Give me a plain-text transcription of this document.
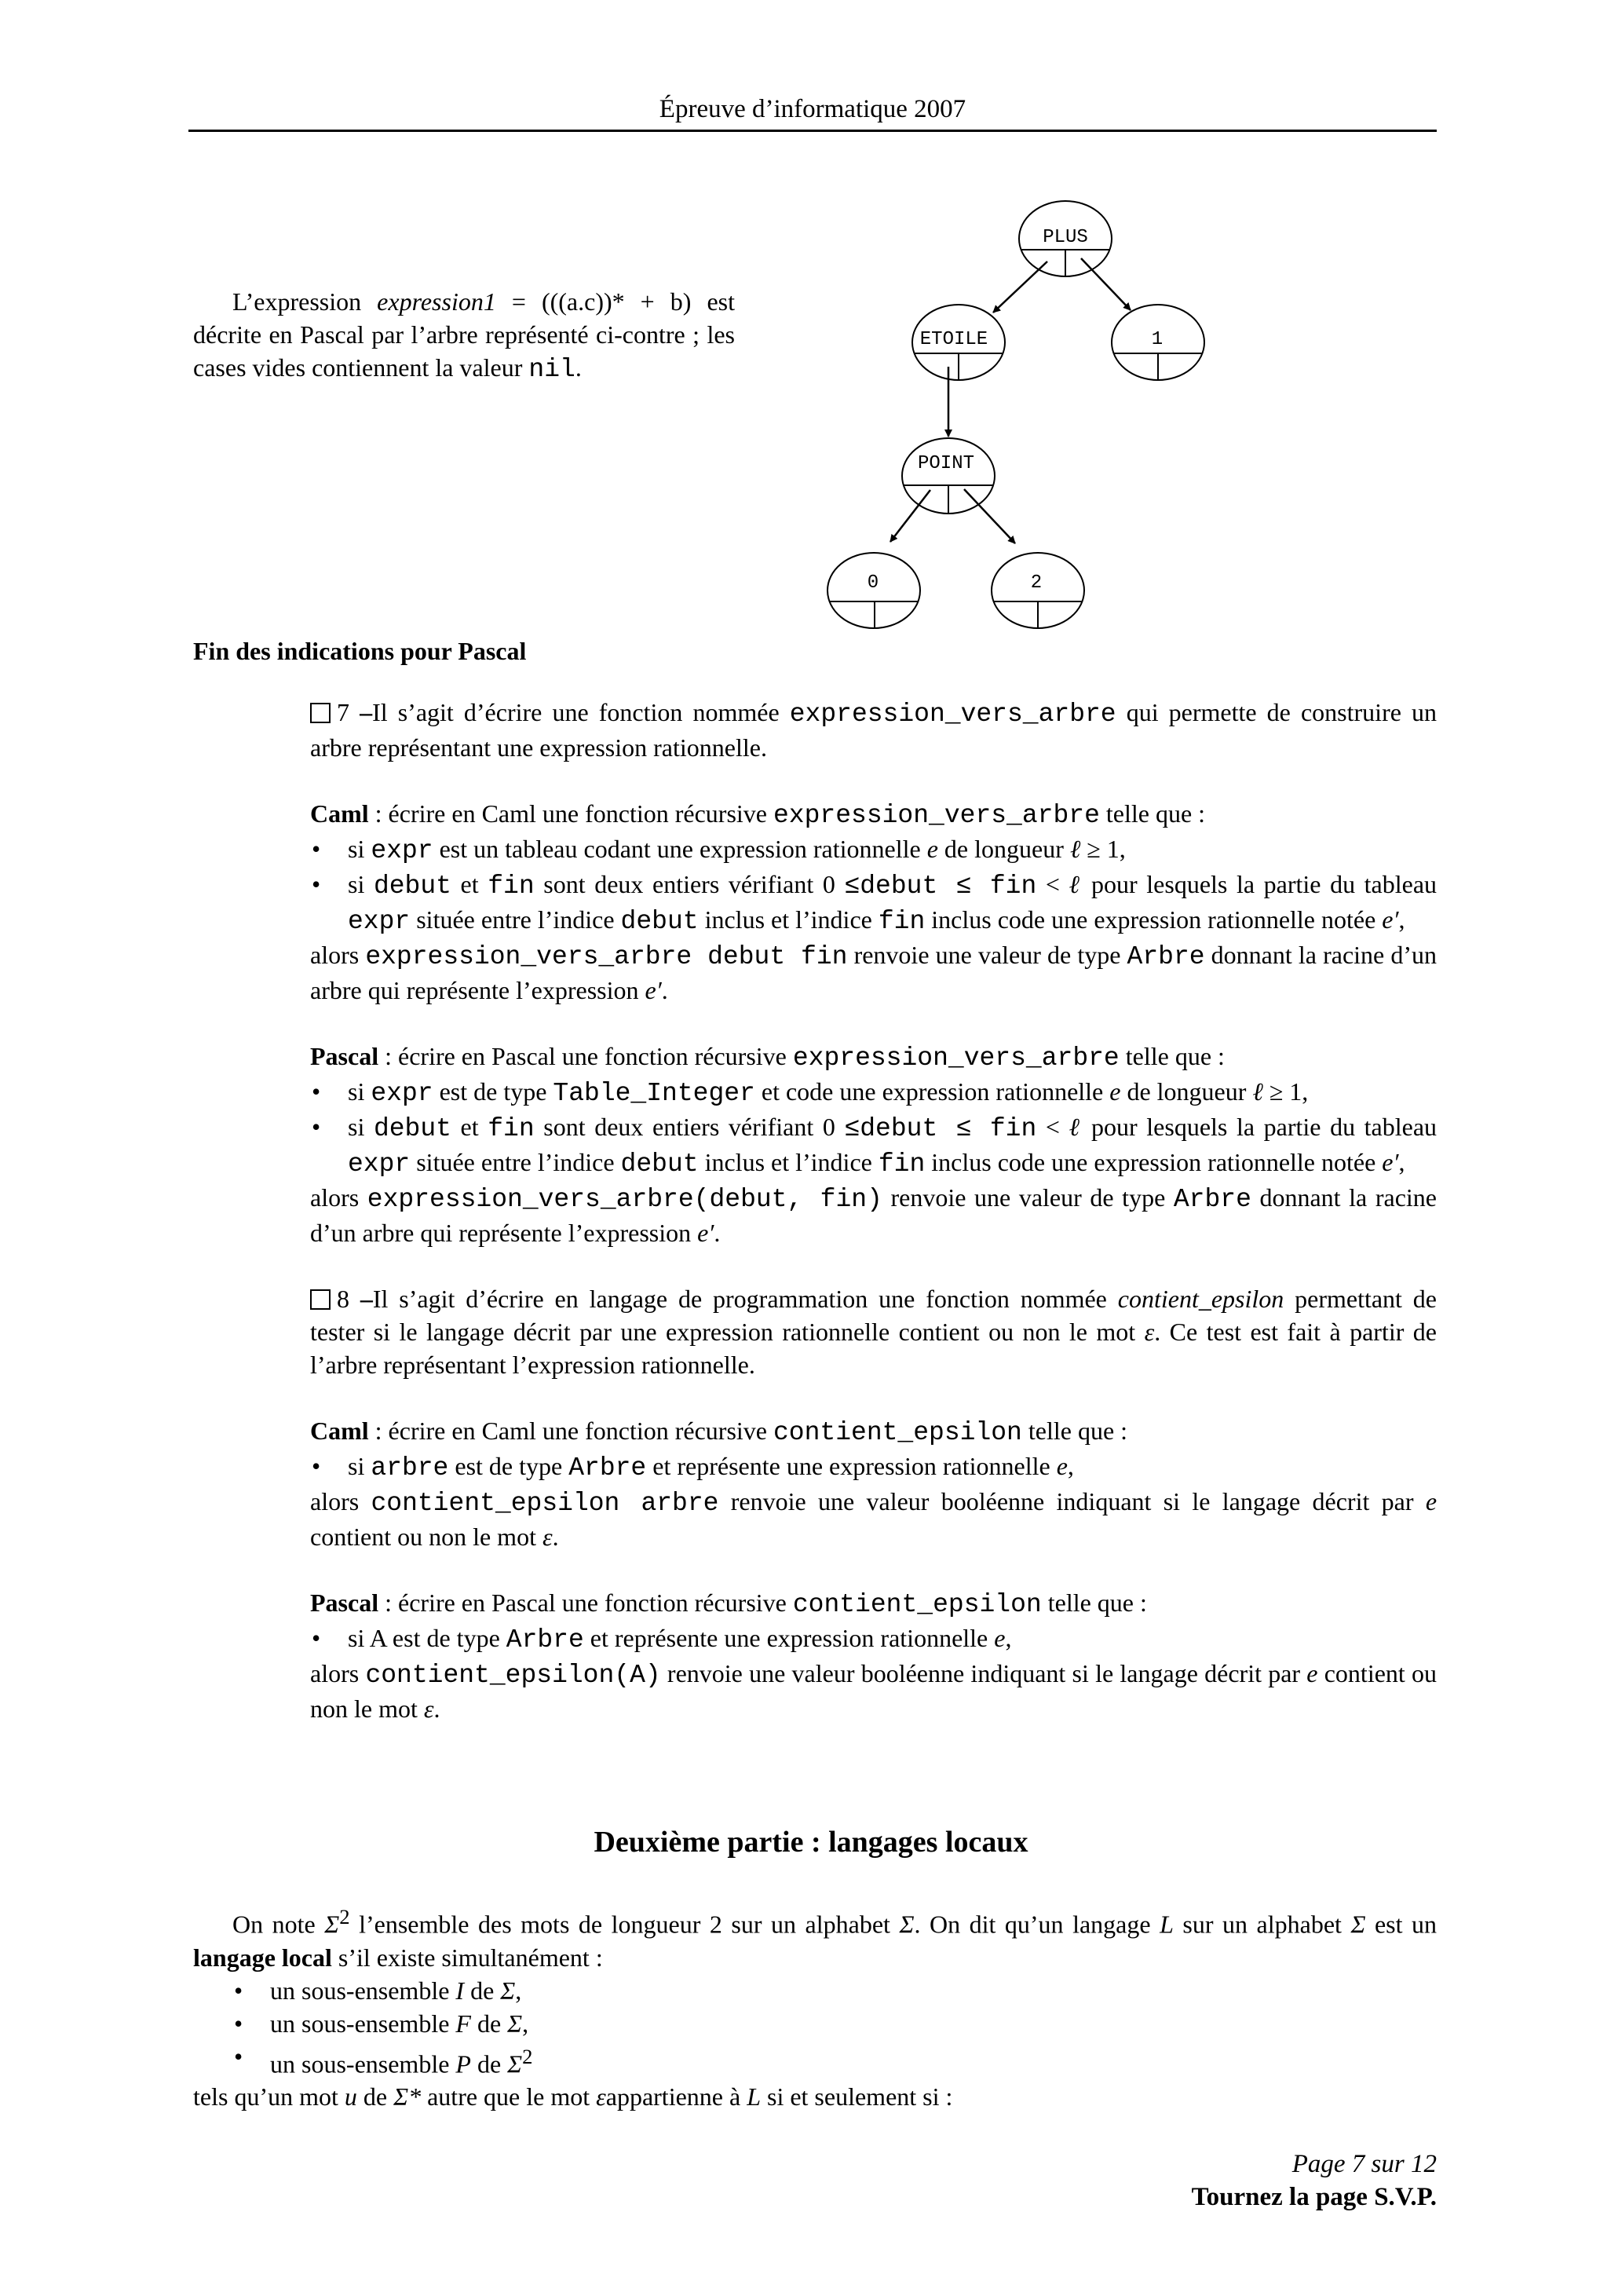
Épreuve d’informatique 2007
L’expression expression1 = (((a.c))* + b) est décrite en Pascal par l’arbre représenté ci-contre ; les cases vides contiennent la valeur nil.
PLUS
ETOILE	1
POINT
0	2
Fin des indications pour Pascal

7 –Il s’agit d’écrire une fonction nommée expression_vers_arbre qui permette de construire un arbre représentant une expression rationnelle.

Caml : écrire en Caml une fonction récursive expression_vers_arbre telle que :

• si expr est un tableau codant une expression rationnelle e de longueur ℓ ≥ 1,
• si debut et fin sont deux entiers vérifiant 0 ≤debut ≤ fin < ℓ pour lesquels la partie du tableau expr située entre l’indice debut inclus et l’indice fin inclus code une expression rationnelle notée e′,

alors expression_vers_arbre debut fin renvoie une valeur de type Arbre donnant la racine d’un arbre qui représente l’expression e′.

Pascal : écrire en Pascal une fonction récursive expression_vers_arbre telle que :

• si expr est de type Table_Integer et code une expression rationnelle e de longueur ℓ ≥ 1,
• si debut et fin sont deux entiers vérifiant 0 ≤debut ≤ fin < ℓ pour lesquels la partie du tableau expr située entre l’indice debut inclus et l’indice fin inclus code une expression rationnelle notée e′,

alors expression_vers_arbre(debut, fin) renvoie une valeur de type Arbre donnant la racine d’un arbre qui représente l’expression e′.

8 –Il s’agit d’écrire en langage de programmation une fonction nommée contient_epsilon permettant de tester si le langage décrit par une expression rationnelle contient ou non le mot ε. Ce test est fait à partir de l’arbre représentant l’expression rationnelle.

Caml : écrire en Caml une fonction récursive contient_epsilon telle que :

• si arbre est de type Arbre et représente une expression rationnelle e,

alors contient_epsilon arbre renvoie une valeur booléenne indiquant si le langage décrit par e contient ou non le mot ε.

Pascal : écrire en Pascal une fonction récursive contient_epsilon telle que :

• si A est de type Arbre et représente une expression rationnelle e,

alors contient_epsilon(A) renvoie une valeur booléenne indiquant si le langage décrit par e contient ou non le mot ε.

Deuxième partie : langages locaux

On note $\Sigma^2$ l’ensemble des mots de longueur 2 sur un alphabet Σ. On dit qu’un langage L sur un alphabet Σ est un langage local s’il existe simultanément :

• un sous-ensemble I de Σ,
• un sous-ensemble F de Σ,
• un sous-ensemble P de $\Sigma^2$

tels qu’un mot u de Σ* autre que le mot εappartienne à L si et seulement si :

Page 7 sur 12
Tournez la page S.V.P.
